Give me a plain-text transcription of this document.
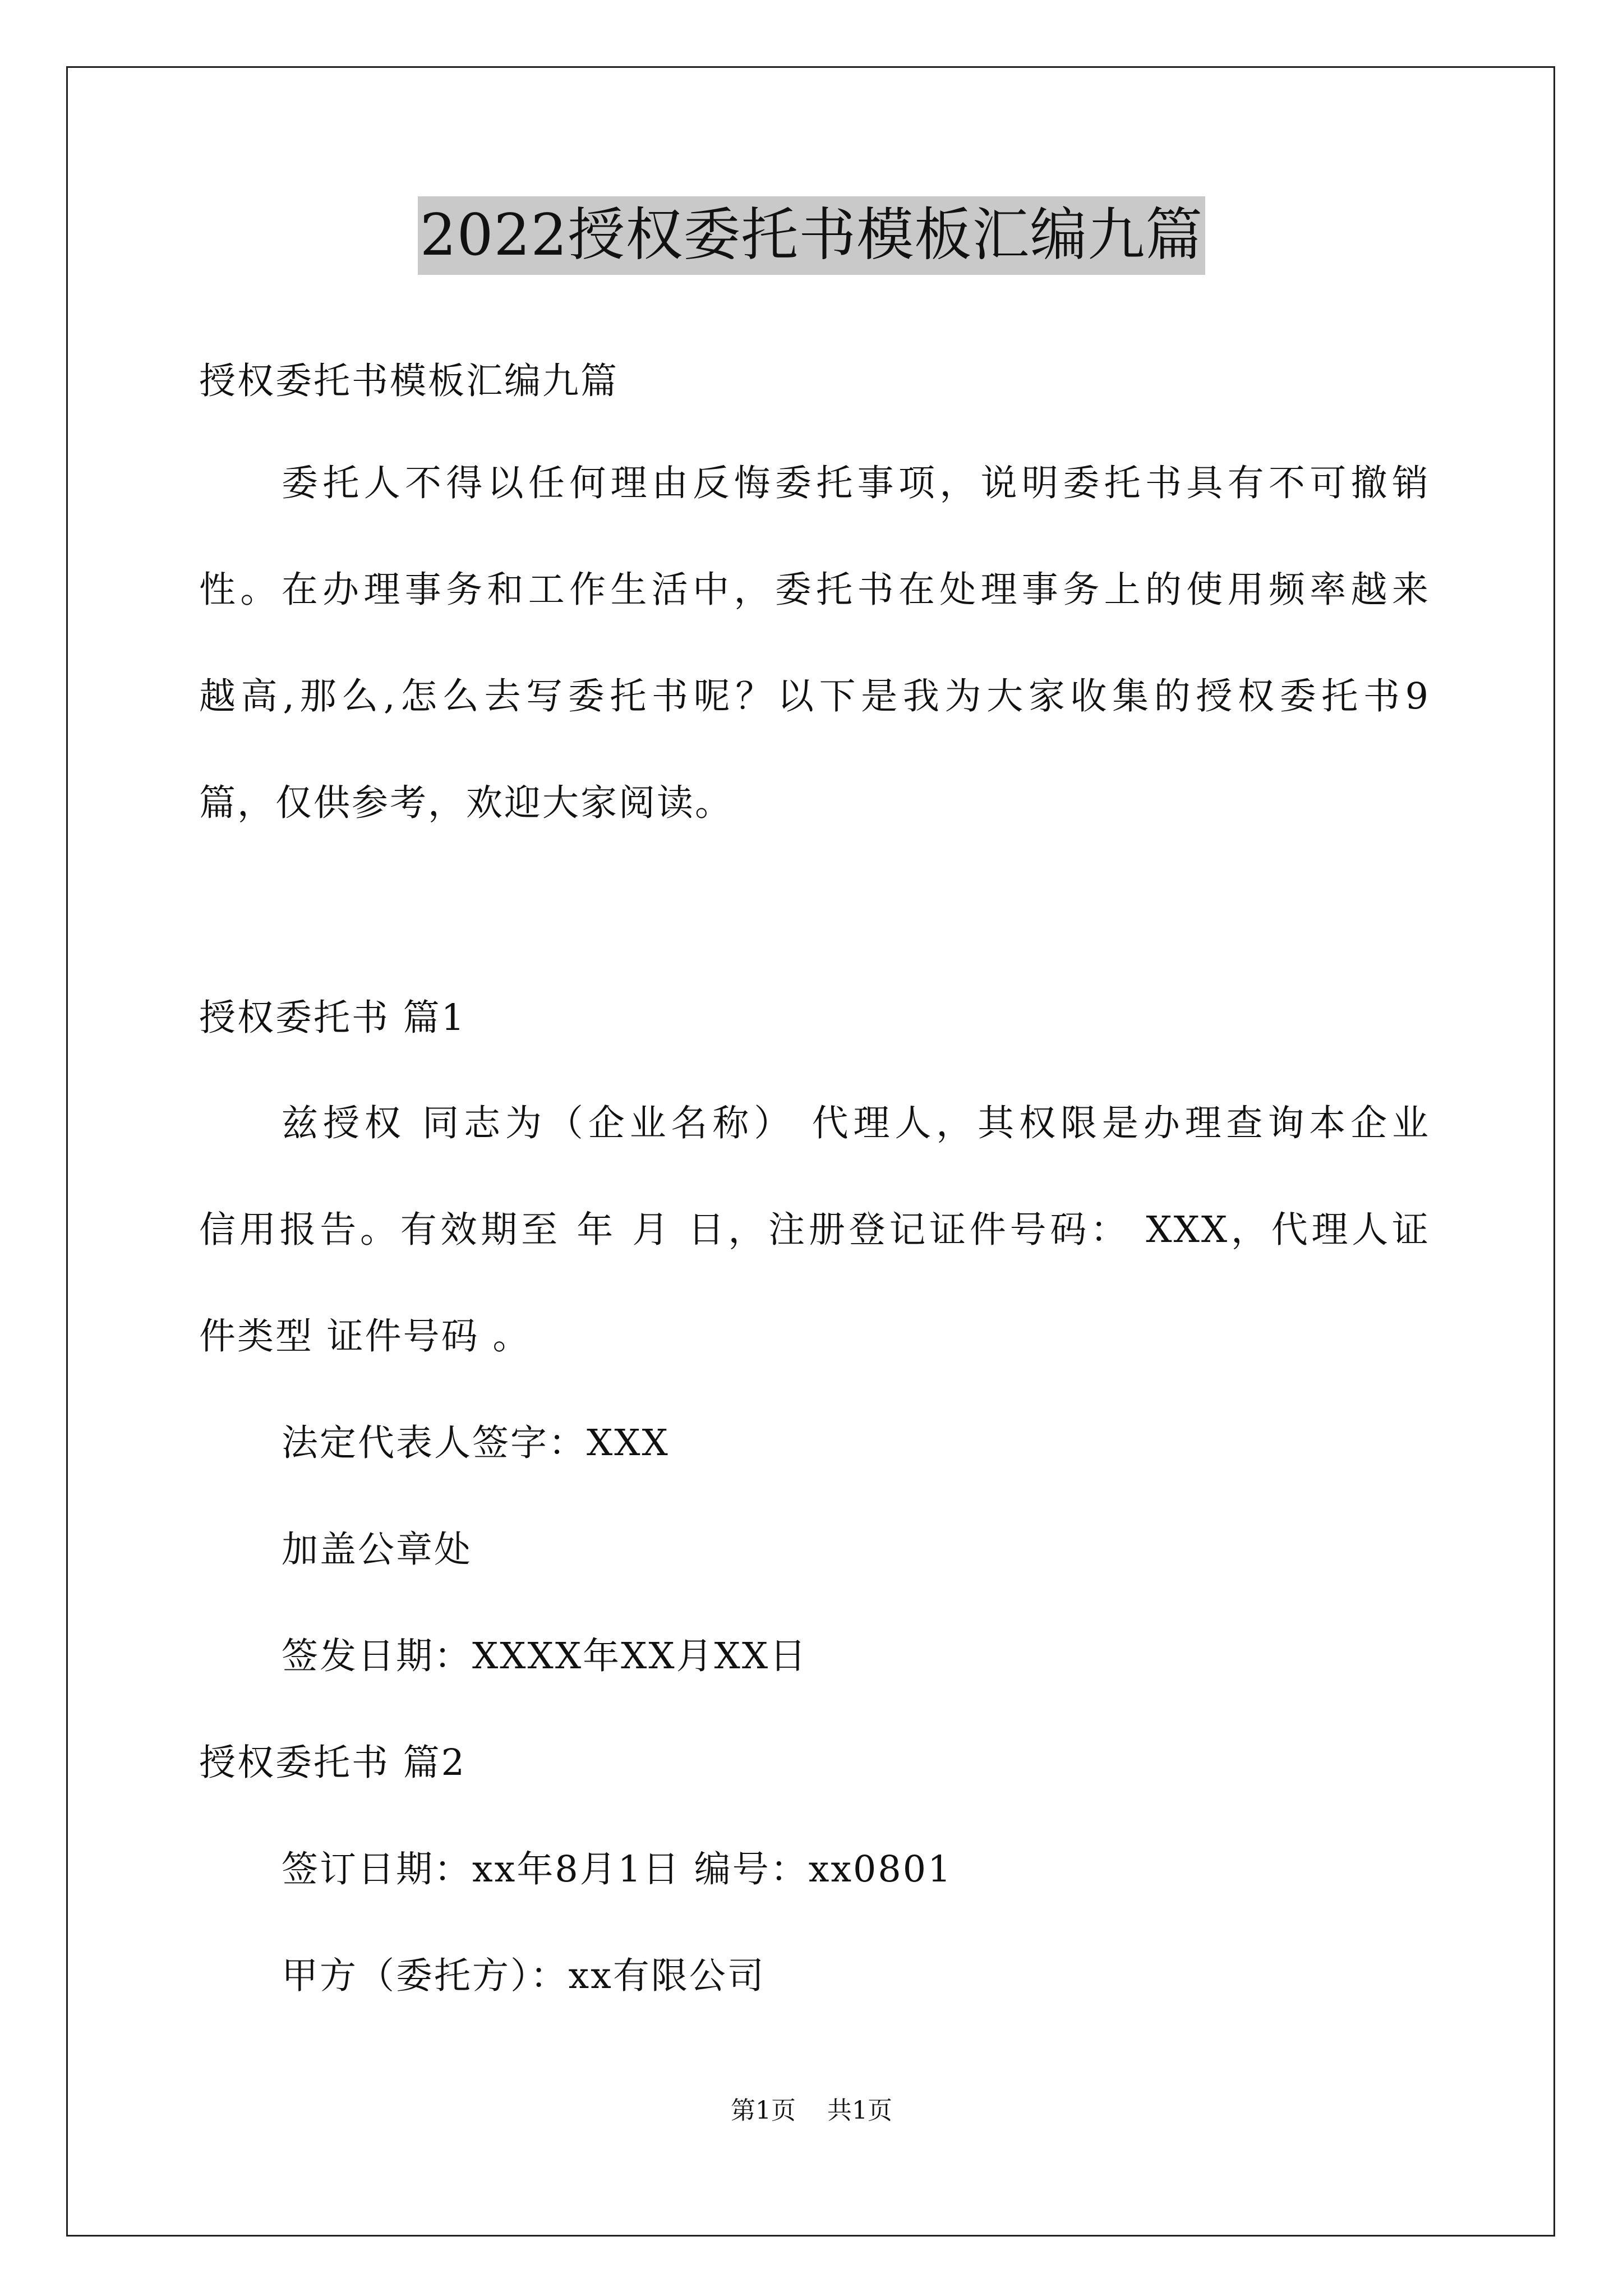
2022授权委托书模板汇编九篇
授权委托书模板汇编九篇
委托人不得以任何理由反悔委托事项，说明委托书具有不可撤销
性。在办理事务和工作生活中，委托书在处理事务上的使用频率越来
越高,那么,怎么去写委托书呢？以下是我为大家收集的授权委托书9
篇，仅供参考，欢迎大家阅读。
授权委托书 篇1
兹授权 同志为（企业名称） 代理人，其权限是办理查询本企业
信用报告。有效期至 年 月 日，注册登记证件号码： XXX，代理人证
件类型 证件号码 。
法定代表人签字：XXX
加盖公章处
签发日期：XXXX年XX月XX日
授权委托书 篇2
签订日期：xx年8月1日 编号：xx0801
甲方（委托方）：xx有限公司
第1页    共1页
